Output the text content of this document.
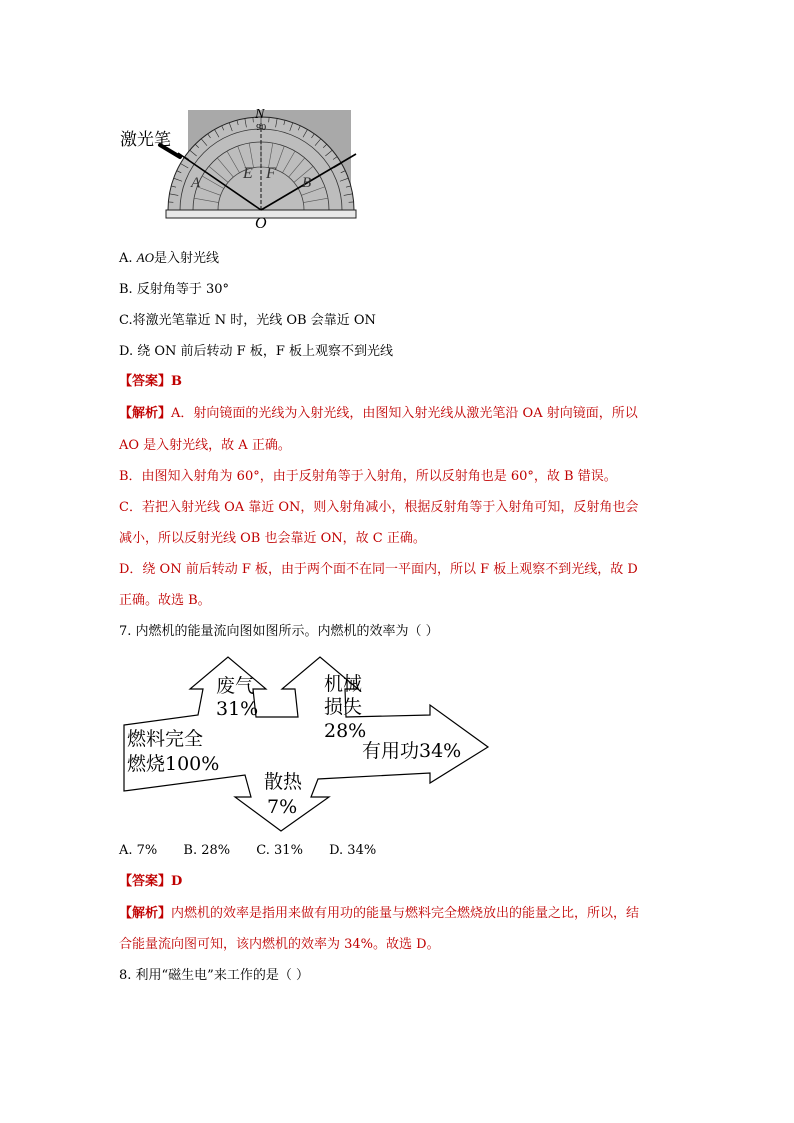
激光笔
N
90
A	B
E F
O
A. AO是入射光线
B. 反射角等于 30°
C.将激光笔靠近 N 时，光线 OB 会靠近 ON
D. 绕 ON 前后转动 F 板，F 板上观察不到光线
【答案】B
【解析】A．射向镜面的光线为入射光线，由图知入射光线从激光笔沿 OA 射向镜面，所以
AO 是入射光线，故 A 正确。
B．由图知入射角为 60°，由于反射角等于入射角，所以反射角也是 60°，故 B 错误。
C．若把入射光线 OA 靠近 ON，则入射角减小，根据反射角等于入射角可知，反射角也会
减小，所以反射光线 OB 也会靠近 ON，故 C 正确。
D．绕 ON 前后转动 F 板，由于两个面不在同一平面内，所以 F 板上观察不到光线，故 D
正确。故选 B。
7. 内燃机的能量流向图如图所示。内燃机的效率为（ ）
燃料完全
燃烧100%
废气
31%
机械
损失
28%
有用功34%
散热
7%
A. 7% B. 28% C. 31% D. 34%
【答案】D
【解析】内燃机的效率是指用来做有用功的能量与燃料完全燃烧放出的能量之比，所以，结
合能量流向图可知，该内燃机的效率为 34%。故选 D。
8. 利用“磁生电”来工作的是（ ）
